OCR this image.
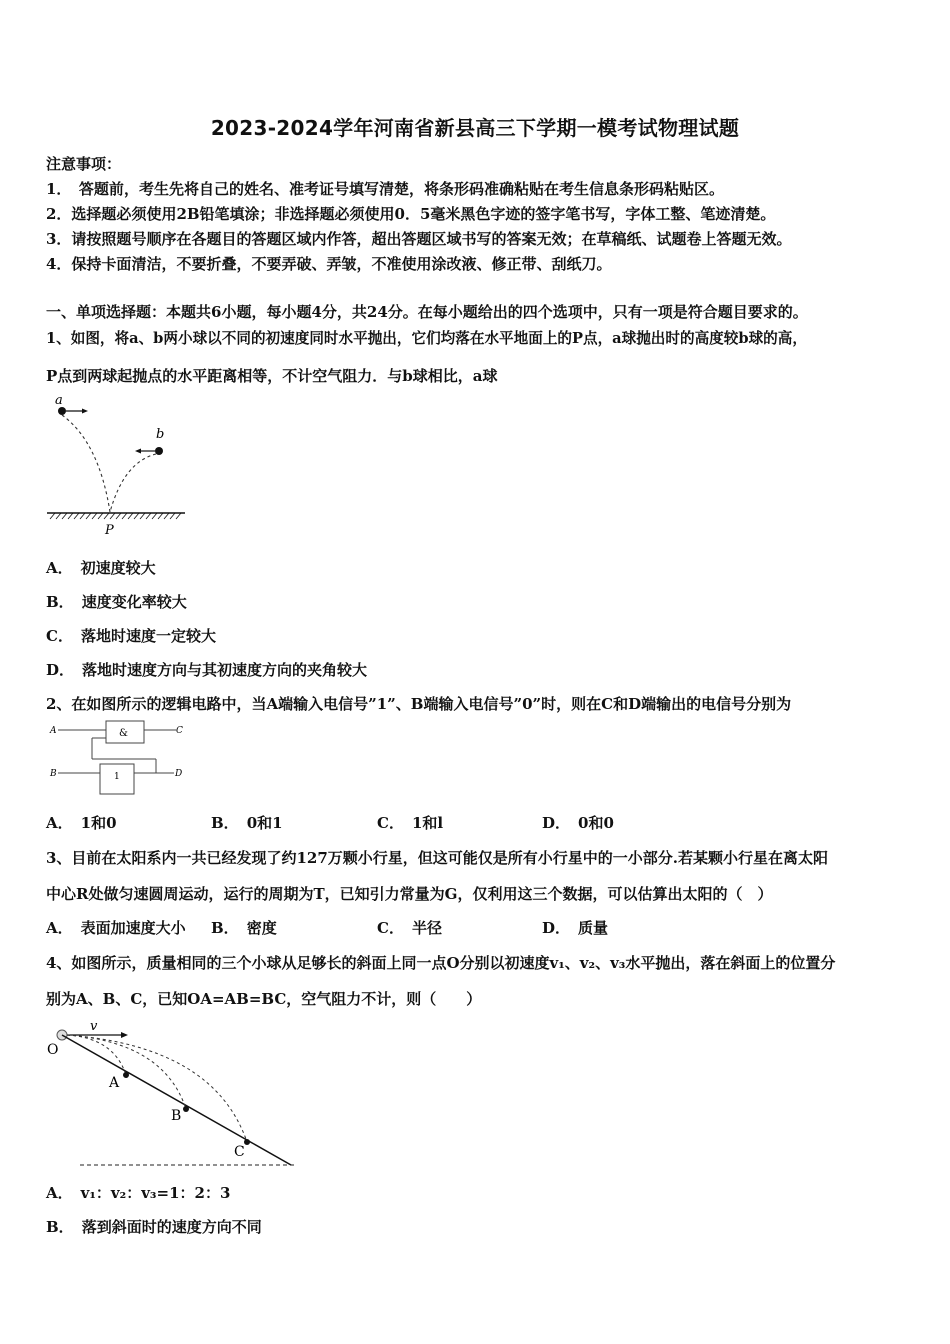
2023-2024学年河南省新县高三下学期一模考试物理试题
注意事项：
1．　答题前，考生先将自己的姓名、准考证号填写清楚，将条形码准确粘贴在考生信息条形码粘贴区。
2．选择题必须使用2B铅笔填涂；非选择题必须使用0．5毫米黑色字迹的签字笔书写，字体工整、笔迹清楚。
3．请按照题号顺序在各题目的答题区域内作答，超出答题区域书写的答案无效；在草稿纸、试题卷上答题无效。
4．保持卡面清洁，不要折叠，不要弄破、弄皱，不准使用涂改液、修正带、刮纸刀。
一、单项选择题：本题共6小题，每小题4分，共24分。在每小题给出的四个选项中，只有一项是符合题目要求的。
1、如图，将a、b两小球以不同的初速度同时水平抛出，它们均落在水平地面上的P点，a球抛出时的高度较b球的高，
P点到两球起抛点的水平距离相等，不计空气阻力．与b球相比，a球
a
b
P
A． 初速度较大
B． 速度变化率较大
C． 落地时速度一定较大
D． 落地时速度方向与其初速度方向的夹角较大
2、在如图所示的逻辑电路中，当A端输入电信号”1”、B端输入电信号”0”时，则在C和D端输出的电信号分别为
A	&	C
B	1	D
A． 1和0	B． 0和1	C． 1和l	D． 0和0
3、目前在太阳系内一共已经发现了约127万颗小行星，但这可能仅是所有小行星中的一小部分.若某颗小行星在离太阳
中心R处做匀速圆周运动，运行的周期为T，已知引力常量为G，仅利用这三个数据，可以估算出太阳的（　）
A． 表面加速度大小 B． 密度	C． 半径	D． 质量
4、如图所示，质量相同的三个小球从足够长的斜面上同一点O分别以初速度v₁、v₂、v₃水平抛出，落在斜面上的位置分
别为A、B、C，已知OA=AB=BC，空气阻力不计，则（　　）
v
O
A
B
C
A． v₁：v₂：v₃=1：2：3
B． 落到斜面时的速度方向不同
